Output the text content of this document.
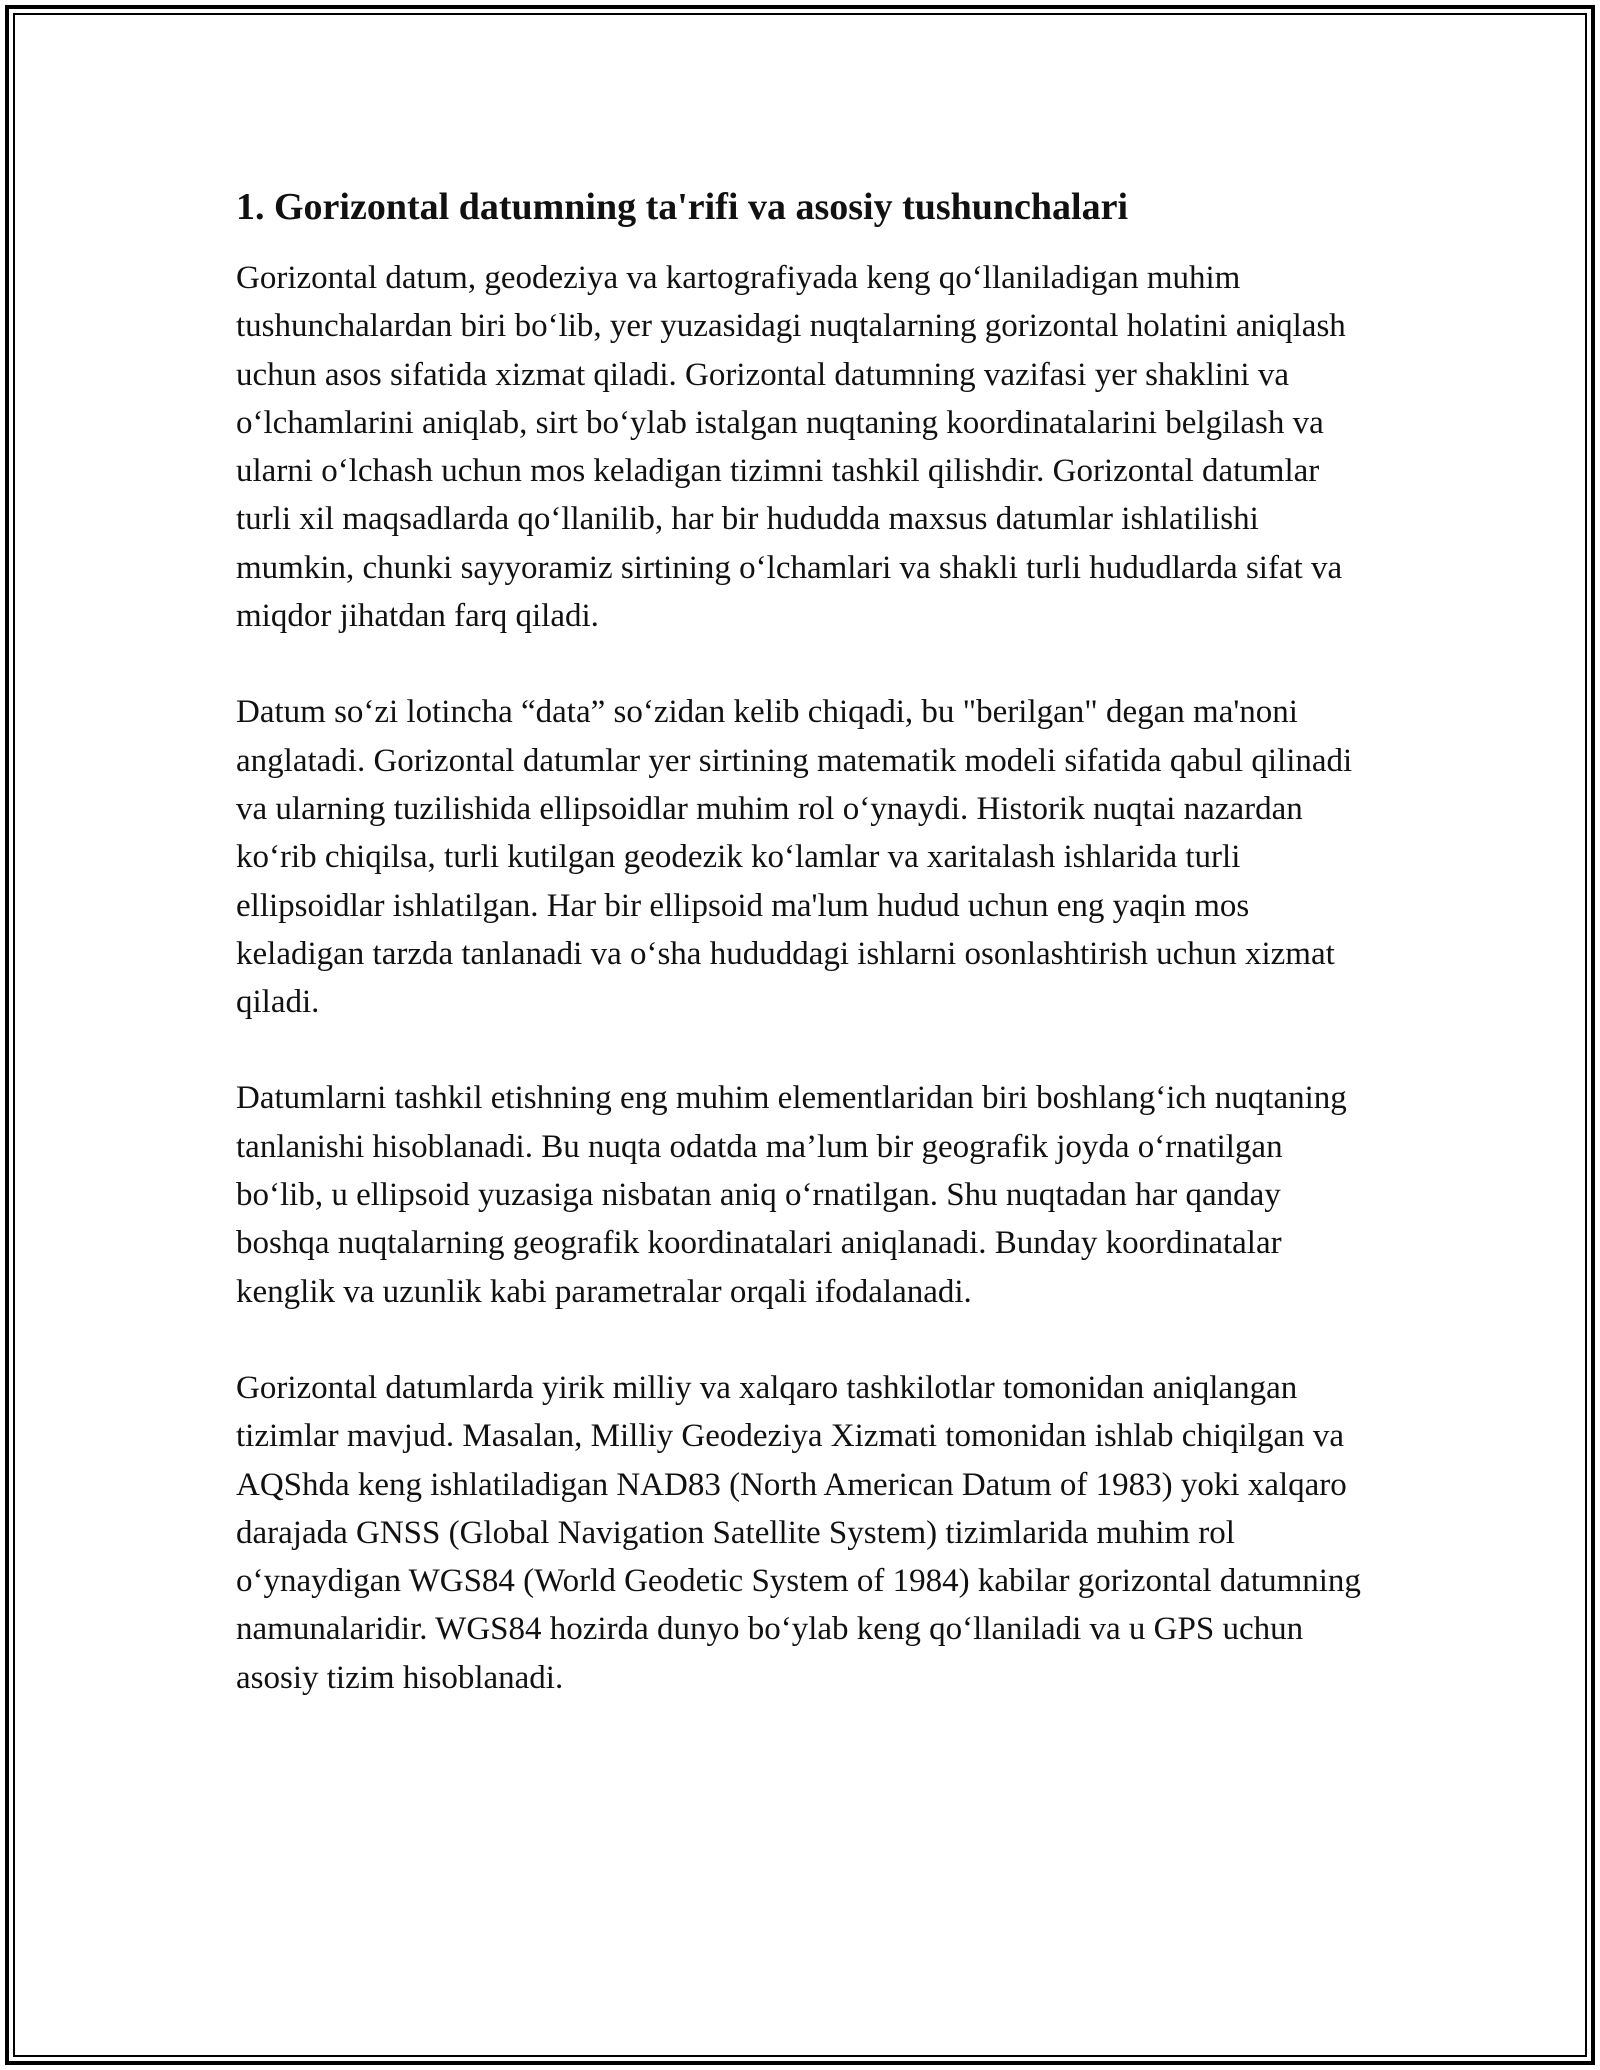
1. Gorizontal datumning ta'rifi va asosiy tushunchalari

Gorizontal datum, geodeziya va kartografiyada keng qo‘llaniladigan muhim tushunchalardan biri bo‘lib, yer yuzasidagi nuqtalarning gorizontal holatini aniqlash uchun asos sifatida xizmat qiladi. Gorizontal datumning vazifasi yer shaklini va o‘lchamlarini aniqlab, sirt bo‘ylab istalgan nuqtaning koordinatalarini belgilash va ularni o‘lchash uchun mos keladigan tizimni tashkil qilishdir. Gorizontal datumlar turli xil maqsadlarda qo‘llanilib, har bir hududda maxsus datumlar ishlatilishi mumkin, chunki sayyoramiz sirtining o‘lchamlari va shakli turli hududlarda sifat va miqdor jihatdan farq qiladi.

Datum so‘zi lotincha “data” so‘zidan kelib chiqadi, bu "berilgan" degan ma'noni anglatadi. Gorizontal datumlar yer sirtining matematik modeli sifatida qabul qilinadi va ularning tuzilishida ellipsoidlar muhim rol o‘ynaydi. Historik nuqtai nazardan ko‘rib chiqilsa, turli kutilgan geodezik ko‘lamlar va xaritalash ishlarida turli ellipsoidlar ishlatilgan. Har bir ellipsoid ma'lum hudud uchun eng yaqin mos keladigan tarzda tanlanadi va o‘sha hududdagi ishlarni osonlashtirish uchun xizmat qiladi.

Datumlarni tashkil etishning eng muhim elementlaridan biri boshlang‘ich nuqtaning tanlanishi hisoblanadi. Bu nuqta odatda ma’lum bir geografik joyda o‘rnatilgan bo‘lib, u ellipsoid yuzasiga nisbatan aniq o‘rnatilgan. Shu nuqtadan har qanday boshqa nuqtalarning geografik koordinatalari aniqlanadi. Bunday koordinatalar kenglik va uzunlik kabi parametralar orqali ifodalanadi.

Gorizontal datumlarda yirik milliy va xalqaro tashkilotlar tomonidan aniqlangan tizimlar mavjud. Masalan, Milliy Geodeziya Xizmati tomonidan ishlab chiqilgan va AQShda keng ishlatiladigan NAD83 (North American Datum of 1983) yoki xalqaro darajada GNSS (Global Navigation Satellite System) tizimlarida muhim rol o‘ynaydigan WGS84 (World Geodetic System of 1984) kabilar gorizontal datumning namunalaridir. WGS84 hozirda dunyo bo‘ylab keng qo‘llaniladi va u GPS uchun asosiy tizim hisoblanadi.
